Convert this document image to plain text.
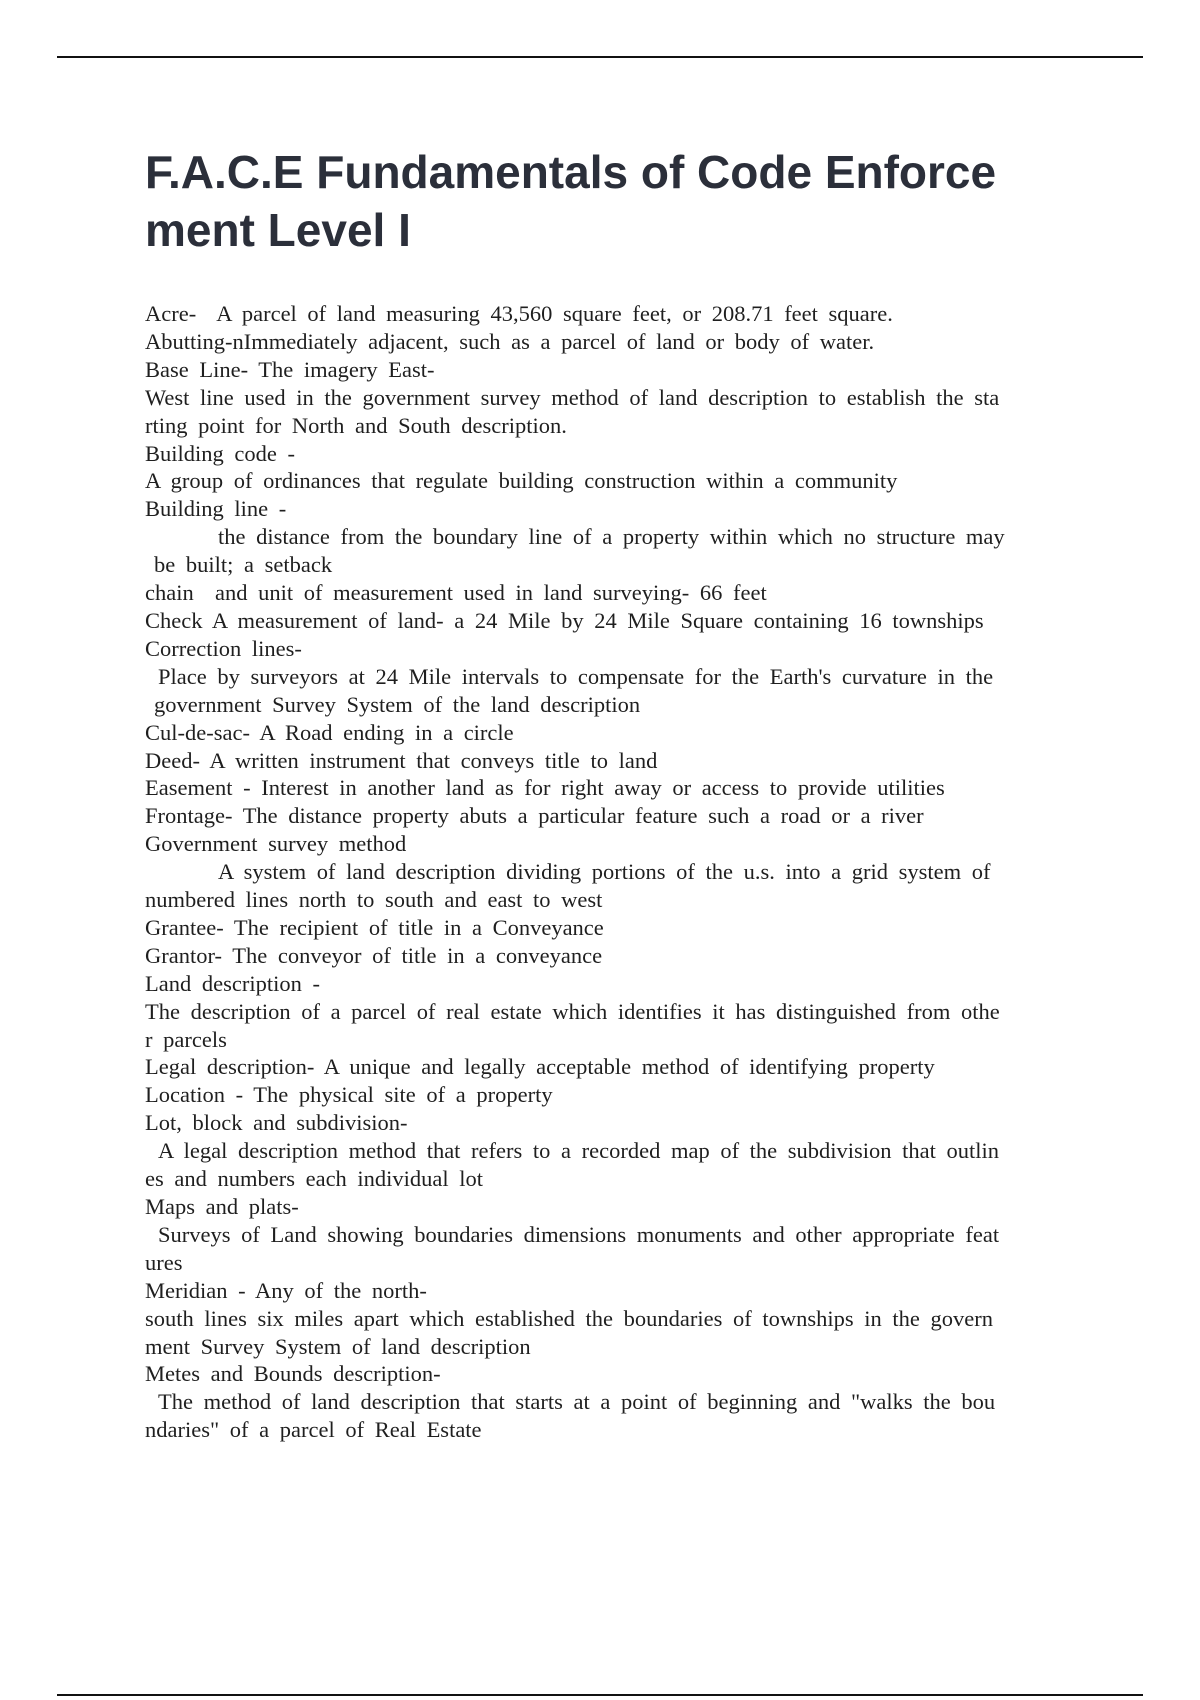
F.A.C.E Fundamentals of Code Enforce
ment Level I
Acre-  A parcel of land measuring 43,560 square feet, or 208.71 feet square.
Abutting-nImmediately adjacent, such as a parcel of land or body of water.
Base Line- The imagery East-
West line used in the government survey method of land description to establish the sta
rting point for North and South description.
Building code -
A group of ordinances that regulate building construction within a community
Building line -
the distance from the boundary line of a property within which no structure may
be built; a setback
chain  and unit of measurement used in land surveying- 66 feet
Check A measurement of land- a 24 Mile by 24 Mile Square containing 16 townships
Correction lines-
Place by surveyors at 24 Mile intervals to compensate for the Earth's curvature in the
government Survey System of the land description
Cul-de-sac- A Road ending in a circle
Deed- A written instrument that conveys title to land
Easement - Interest in another land as for right away or access to provide utilities
Frontage- The distance property abuts a particular feature such a road or a river
Government survey method
A system of land description dividing portions of the u.s. into a grid system of
numbered lines north to south and east to west
Grantee- The recipient of title in a Conveyance
Grantor- The conveyor of title in a conveyance
Land description -
The description of a parcel of real estate which identifies it has distinguished from othe
r parcels
Legal description- A unique and legally acceptable method of identifying property
Location - The physical site of a property
Lot, block and subdivision-
A legal description method that refers to a recorded map of the subdivision that outlin
es and numbers each individual lot
Maps and plats-
Surveys of Land showing boundaries dimensions monuments and other appropriate feat
ures
Meridian - Any of the north-
south lines six miles apart which established the boundaries of townships in the govern
ment Survey System of land description
Metes and Bounds description-
The method of land description that starts at a point of beginning and "walks the bou
ndaries" of a parcel of Real Estate
